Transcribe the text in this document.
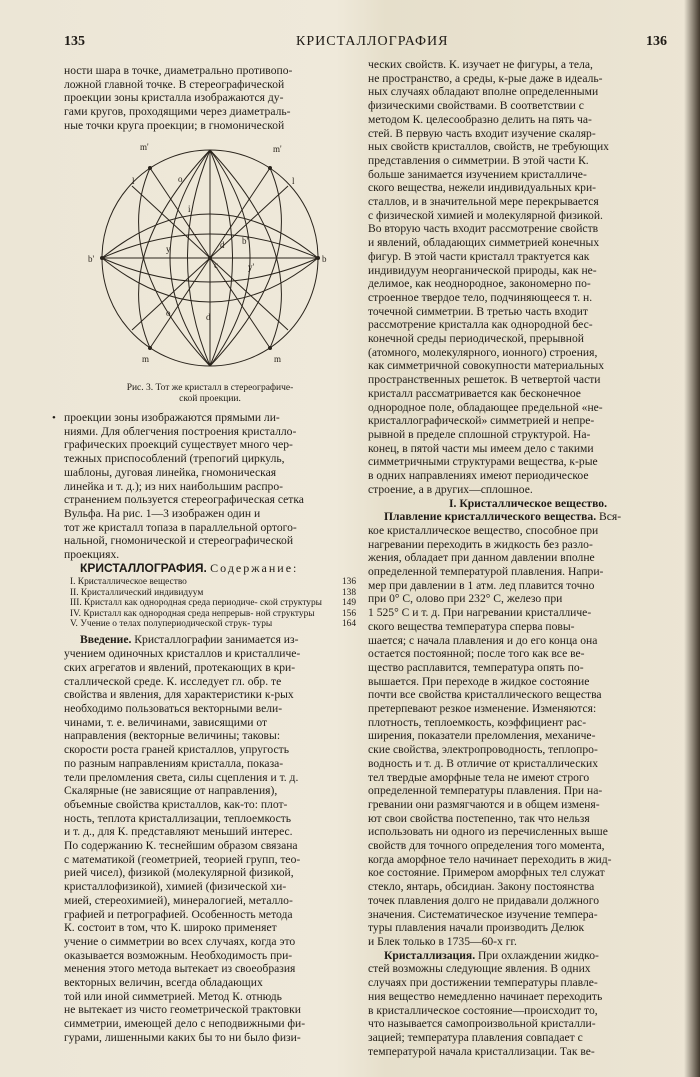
135	КРИСТАЛЛОГРАФИЯ	136

ности шара в точке, диаметрально противопо-

ложной главной точке. В стереографической

проекции зоны кристалла изображаются ду-

гами кругов, проходящими через диаметраль-

ные точки круга проекции; в гномонической

m'	m'
o
l	l
i
b'	b
y	d
d
c
m	m
o
b'
y'
Рис. 3. Тот же кристалл в стереографиче-
ской проекции.
• проекции зоны изображаются прямыми ли-

ниями. Для облегчения построения кристалло-

графических проекций существует много чер-

тежных приспособлений (трепогий циркуль,

шаблоны, дуговая линейка, гномоническая

линейка и т. д.); из них наибольшим распро-

странением пользуется стереографическая сетка

Вульфа. На рис. 1—3 изображен один и

тот же кристалл топаза в параллельной ортого-

нальной, гномонической и стереографической

проекциях.

КРИСТАЛЛОГРАФИЯ. Содержание:

I. Кристаллическое вещество	136
II. Кристаллический индивидуум	138
III. Кристалл как однородная среда периодиче- ской структуры	149
IV. Кристалл как однородная среда непрерыв- ной структуры	156
V. Учение о телах полупериодической струк- туры	164

Введение. Кристаллографии занимается из-

учением одиночных кристаллов и кристалличе-

ских агрегатов и явлений, протекающих в кри-

сталлической среде. К. исследует гл. обр. те

свойства и явления, для характеристики к-рых

необходимо пользоваться векторными вели-

чинами, т. е. величинами, зависящими от

направления (векторные величины; таковы:

скорости роста граней кристаллов, упругость

по разным направлениям кристалла, показа-

тели преломления света, силы сцепления и т. д.

Скалярные (не зависящие от направления),

объемные свойства кристаллов, как-то: плот-

ность, теплота кристаллизации, теплоемкость

и т. д., для К. представляют меньший интерес.

По содержанию К. теснейшим образом связана

с математикой (геометрией, теорией групп, тео-

рией чисел), физикой (молекулярной физикой,

кристаллофизикой), химией (физической хи-

мией, стереохимией), минералогией, металло-

графией и петрографией. Особенность метода

К. состоит в том, что К. широко применяет

учение о симметрии во всех случаях, когда это

оказывается возможным. Необходимость при-

менения этого метода вытекает из своеобразия

векторных величин, всегда обладающих

той или иной симметрией. Метод К. отнюдь

не вытекает из чисто геометрической трактовки

симметрии, имеющей дело с неподвижными фи-

гурами, лишенными каких бы то ни было физи-

ческих свойств. К. изучает не фигуры, а тела,

не пространство, а среды, к-рые даже в идеаль-

ных случаях обладают вполне определенными

физическими свойствами. В соответствии с

методом К. целесообразно делить на пять ча-

стей. В первую часть входит изучение скаляр-

ных свойств кристаллов, свойств, не требующих

представления о симметрии. В этой части К.

больше занимается изучением кристалличе-

ского вещества, нежели индивидуальных кри-

сталлов, и в значительной мере перекрывается

с физической химией и молекулярной физикой.

Во вторую часть входит рассмотрение свойств

и явлений, обладающих симметрией конечных

фигур. В этой части кристалл трактуется как

индивидуум неорганической природы, как не-

делимое, как неоднородное, закономерно по-

строенное твердое тело, подчиняющееся т. н.

точечной симметрии. В третью часть входит

рассмотрение кристалла как однородной бес-

конечной среды периодической, прерывной

(атомного, молекулярного, ионного) строения,

как симметричной совокупности материальных

пространственных решеток. В четвертой части

кристалл рассматривается как бесконечное

однородное поле, обладающее предельной «не-

кристаллографической» симметрией и непре-

рывной в пределе сплошной структурой. На-

конец, в пятой части мы имеем дело с такими

симметричными структурами вещества, к-рые

в одних направлениях имеют периодическое

строение, а в других—сплошное.

I. Кристаллическое вещество.

Плавление кристаллического вещества. Вся-

кое кристаллическое вещество, способное при

нагревании переходить в жидкость без разло-

жения, обладает при данном давлении вполне

определенной температурой плавления. Напри-

мер при давлении в 1 атм. лед плавится точно

при 0° С, олово при 232° С, железо при

1 525° С и т. д. При нагревании кристалличе-

ского вещества температура сперва повы-

шается; с начала плавления и до его конца она

остается постоянной; после того как все ве-

щество расплавится, температура опять по-

вышается. При переходе в жидкое состояние

почти все свойства кристаллического вещества

претерпевают резкое изменение. Изменяются:

плотность, теплоемкость, коэффициент рас-

ширения, показатели преломления, механиче-

ские свойства, электропроводность, теплопро-

водность и т. д. В отличие от кристаллических

тел твердые аморфные тела не имеют строго

определенной температуры плавления. При на-

гревании они размягчаются и в общем изменя-

ют свои свойства постепенно, так что нельзя

использовать ни одного из перечисленных выше

свойств для точного определения того момента,

когда аморфное тело начинает переходить в жид-

кое состояние. Примером аморфных тел служат

стекло, янтарь, обсидиан. Закону постоянства

точек плавления долго не придавали должного

значения. Систематическое изучение темпера-

туры плавления начали производить Делюк

и Блек только в 1735—60-х гг.

Кристаллизация. При охлаждении жидко-

стей возможны следующие явления. В одних

случаях при достижении температуры плавле-

ния вещество немедленно начинает переходить

в кристаллическое состояние—происходит то,

что называется самопроизвольной кристалли-

зацией; температура плавления совпадает с

температурой начала кристаллизации. Так ве-
